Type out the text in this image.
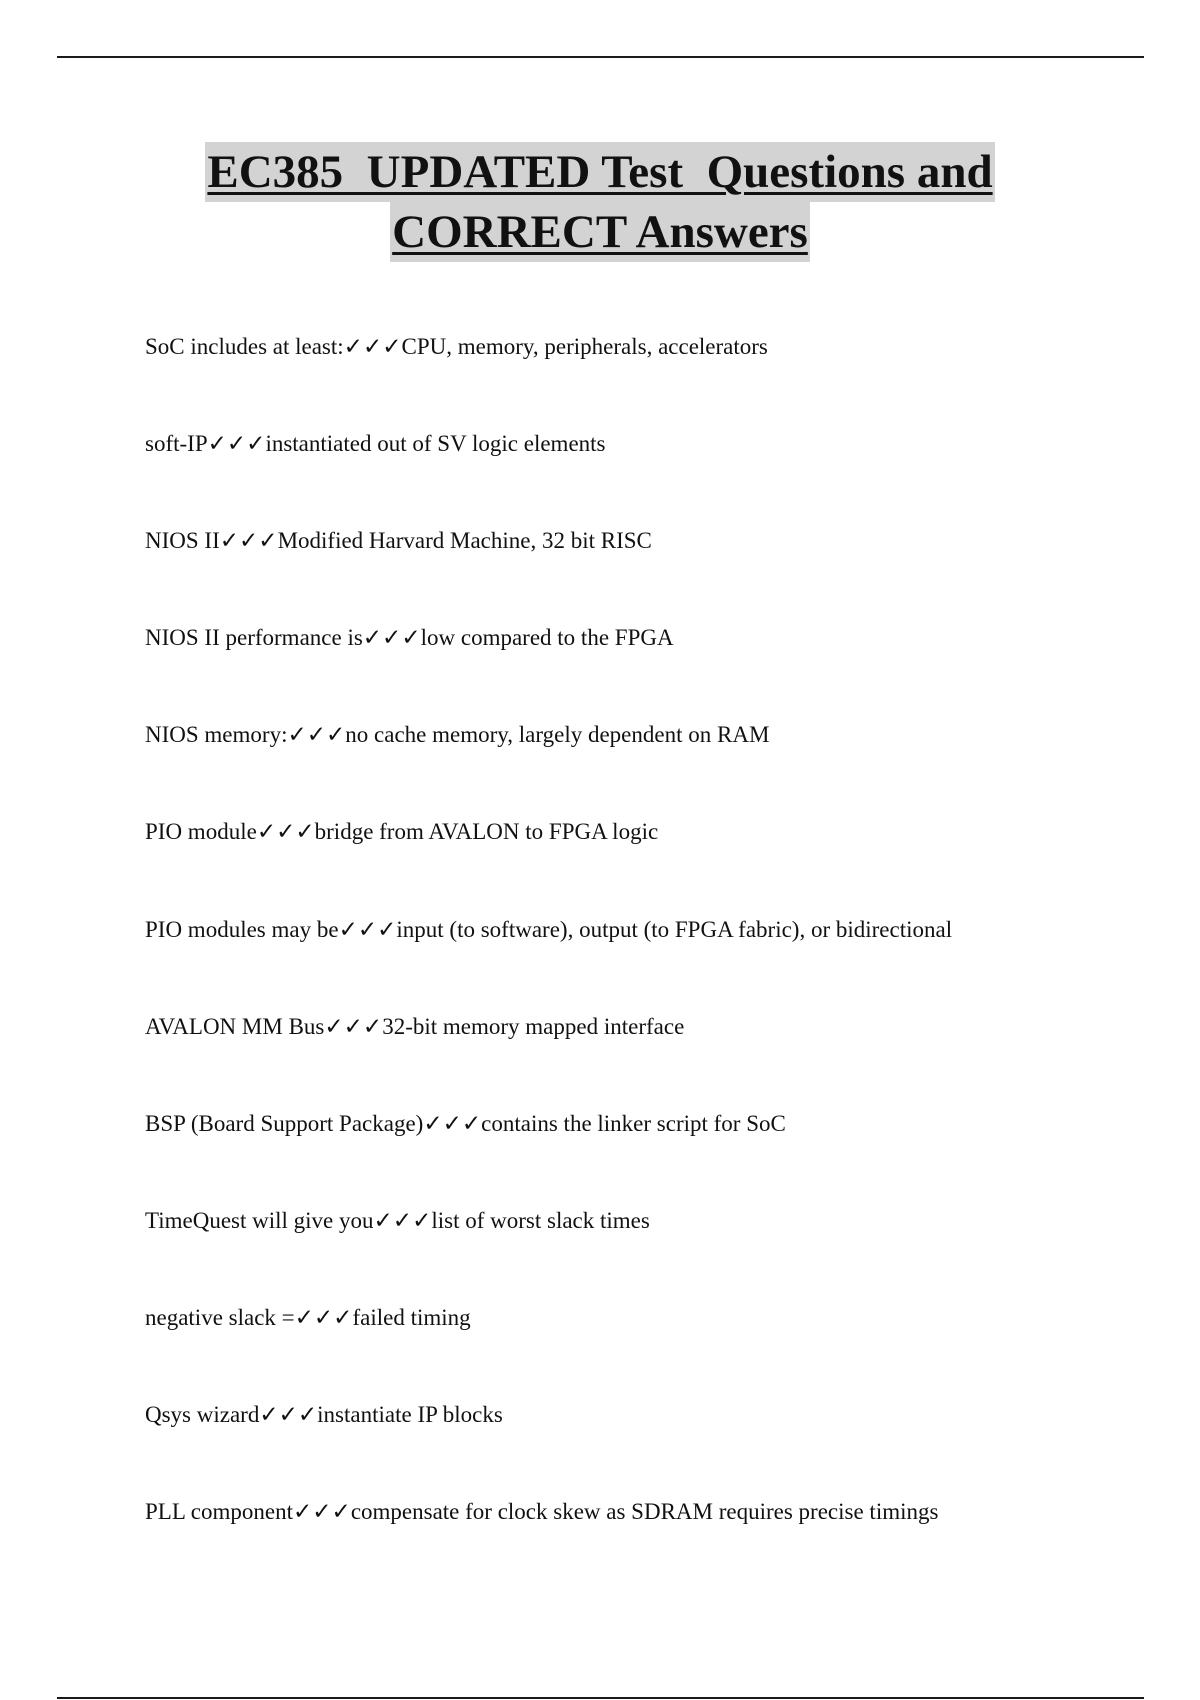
EC385  UPDATED Test  Questions and
CORRECT Answers
SoC includes at least:✓✓✓CPU, memory, peripherals, accelerators
soft-IP✓✓✓instantiated out of SV logic elements
NIOS II✓✓✓Modified Harvard Machine, 32 bit RISC
NIOS II performance is✓✓✓low compared to the FPGA
NIOS memory:✓✓✓no cache memory, largely dependent on RAM
PIO module✓✓✓bridge from AVALON to FPGA logic
PIO modules may be✓✓✓input (to software), output (to FPGA fabric), or bidirectional
AVALON MM Bus✓✓✓32-bit memory mapped interface
BSP (Board Support Package)✓✓✓contains the linker script for SoC
TimeQuest will give you✓✓✓list of worst slack times
negative slack =✓✓✓failed timing
Qsys wizard✓✓✓instantiate IP blocks
PLL component✓✓✓compensate for clock skew as SDRAM requires precise timings
